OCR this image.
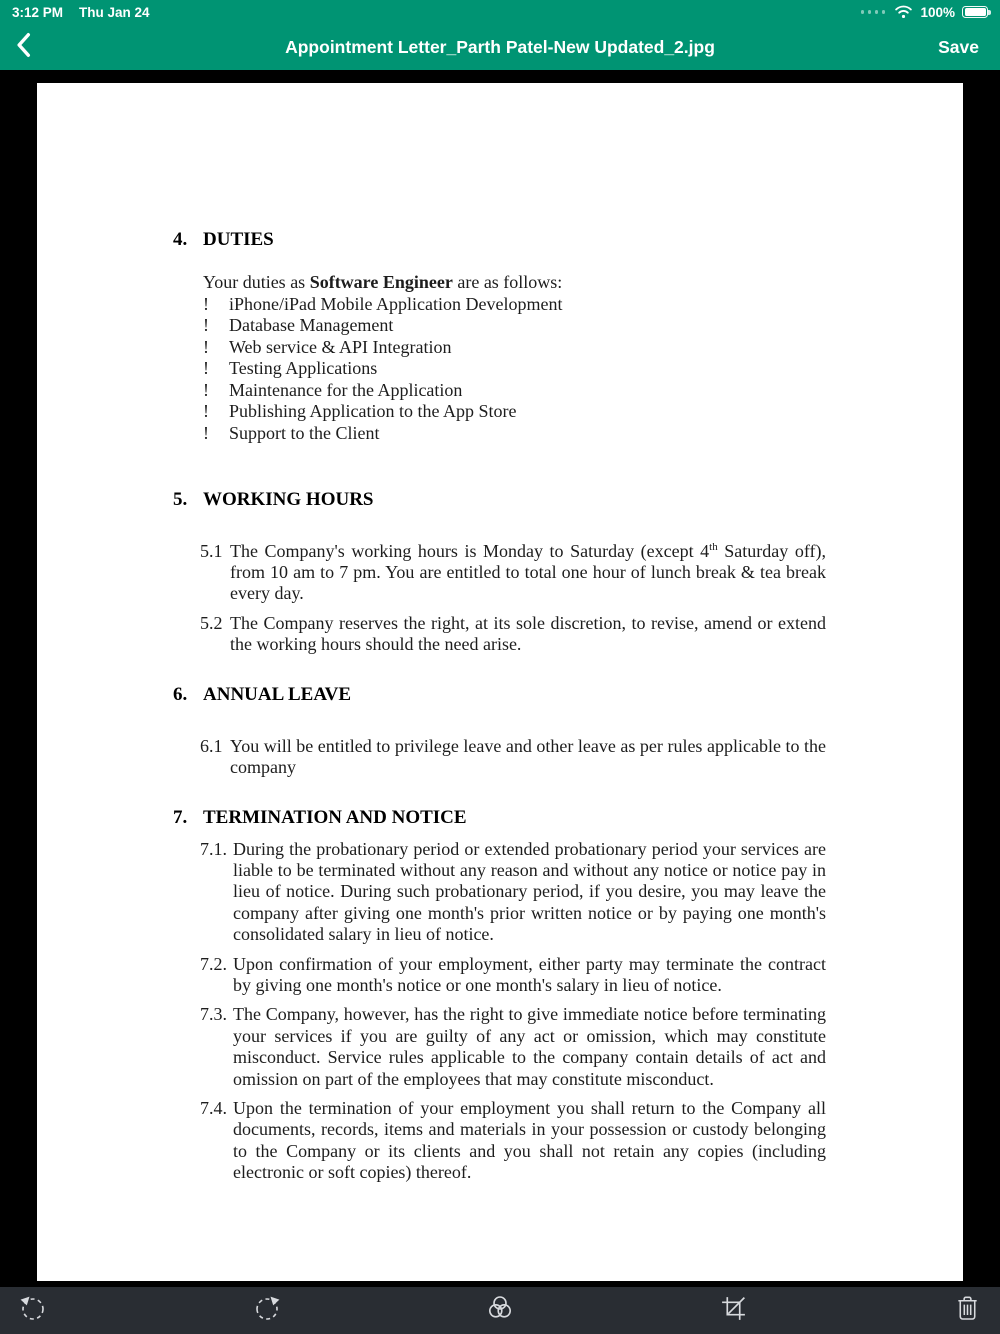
3:12 PM Thu Jan 24	100%
Appointment Letter_Parth Patel-New Updated_2.jpg	Save
4. DUTIES
Your duties as Software Engineer are as follows:
!	iPhone/iPad Mobile Application Development
!	Database Management
!	Web service & API Integration
!	Testing Applications
!	Maintenance for the Application
!	Publishing Application to the App Store
!	Support to the Client
5. WORKING HOURS
5.1 The Company's working hours is Monday to Saturday (except 4th Saturday off), from 10 am to 7 pm. You are entitled to total one hour of lunch break & tea break every day.
5.2 The Company reserves the right, at its sole discretion, to revise, amend or extend the working hours should the need arise.
6. ANNUAL LEAVE
6.1 You will be entitled to privilege leave and other leave as per rules applicable to the company
7. TERMINATION AND NOTICE
7.1. During the probationary period or extended probationary period your services are liable to be terminated without any reason and without any notice or notice pay in lieu of notice. During such probationary period, if you desire, you may leave the company after giving one month's prior written notice or by paying one month's consolidated salary in lieu of notice.
7.2. Upon confirmation of your employment, either party may terminate the contract by giving one month's notice or one month's salary in lieu of notice.
7.3. The Company, however, has the right to give immediate notice before terminating your services if you are guilty of any act or omission, which may constitute misconduct. Service rules applicable to the company contain details of act and omission on part of the employees that may constitute misconduct.
7.4. Upon the termination of your employment you shall return to the Company all documents, records, items and materials in your possession or custody belonging to the Company or its clients and you shall not retain any copies (including electronic or soft copies) thereof.
